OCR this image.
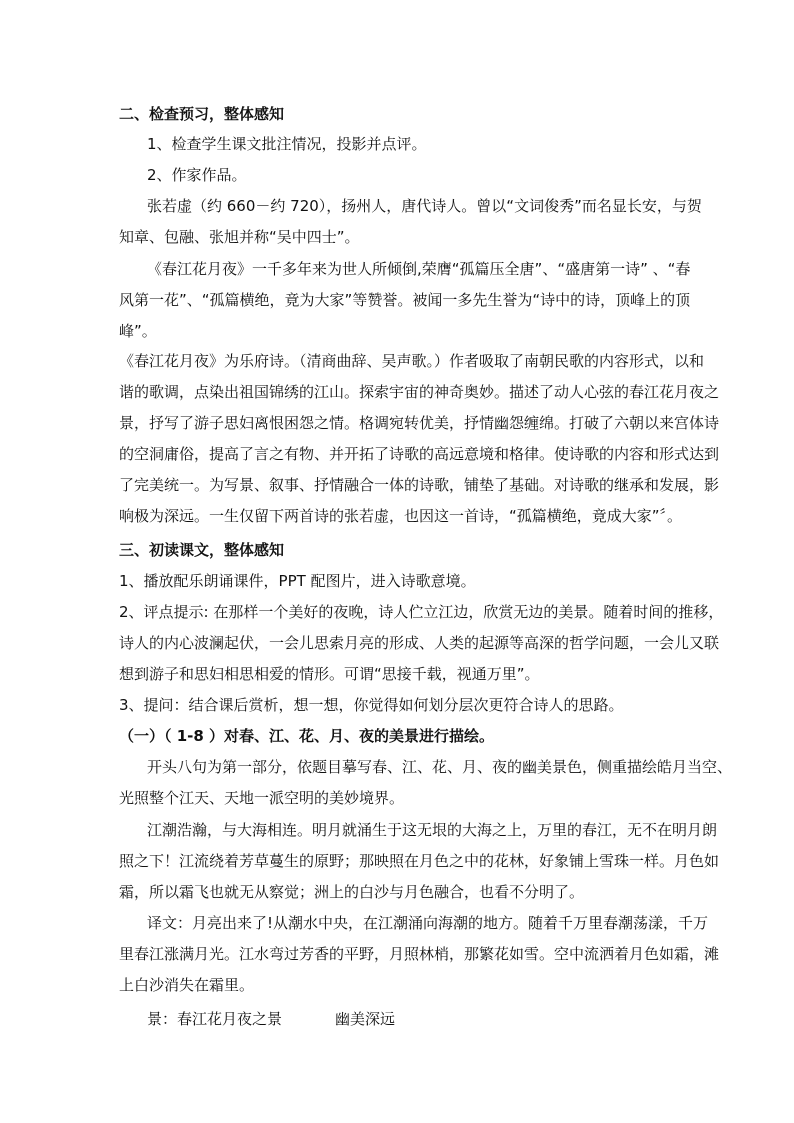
二、检查预习，整体感知

1、检查学生课文批注情况，投影并点评。

2、作家作品。

张若虚（约 660－约 720），扬州人，唐代诗人。曾以“文词俊秀”而名显长安，与贺

知章、包融、张旭并称“吴中四士”。

《春江花月夜》一千多年来为世人所倾倒,荣膺“孤篇压全唐”、“盛唐第一诗” 、“春

风第一花”、“孤篇横绝，竟为大家”等赞誉。被闻一多先生誉为“诗中的诗，顶峰上的顶

峰”。

《春江花月夜》为乐府诗。（清商曲辞、吴声歌。）作者吸取了南朝民歌的内容形式，以和

谐的歌调，点染出祖国锦绣的江山。探索宇宙的神奇奥妙。描述了动人心弦的春江花月夜之

景，抒写了游子思妇离恨困怨之情。格调宛转优美，抒情幽怨缠绵。打破了六朝以来宫体诗

的空洞庸俗，提高了言之有物、并开拓了诗歌的高远意境和格律。使诗歌的内容和形式达到

了完美统一。为写景、叙事、抒情融合一体的诗歌，铺垫了基础。对诗歌的继承和发展，影

响极为深远。一生仅留下两首诗的张若虚，也因这一首诗，“孤篇横绝，竟成大家”〞。

三、初读课文，整体感知

1、播放配乐朗诵课件，PPT 配图片，进入诗歌意境。

2、评点提示: 在那样一个美好的夜晚，诗人伫立江边，欣赏无边的美景。随着时间的推移，

诗人的内心波澜起伏，一会儿思索月亮的形成、人类的起源等高深的哲学问题，一会儿又联

想到游子和思妇相思相爱的情形。可谓“思接千载，视通万里”。

3、提问：结合课后赏析，想一想，你觉得如何划分层次更符合诗人的思路。

（一）（ 1-8 ）对春、江、花、月、夜的美景进行描绘。

开头八句为第一部分，依题目摹写春、江、花、月、夜的幽美景色，侧重描绘皓月当空、

光照整个江天、天地一派空明的美妙境界。

江潮浩瀚，与大海相连。明月就涌生于这无垠的大海之上，万里的春江，无不在明月朗

照之下！江流绕着芳草蔓生的原野；那映照在月色之中的花林，好象铺上雪珠一样。月色如

霜，所以霜飞也就无从察觉；洲上的白沙与月色融合，也看不分明了。

译文：月亮出来了!从潮水中央，在江潮涌向海潮的地方。随着千万里春潮荡漾，千万

里春江涨满月光。江水弯过芳香的平野，月照林梢，那繁花如雪。空中流洒着月色如霜，滩

上白沙消失在霜里。

景：春江花月夜之景	幽美深远
